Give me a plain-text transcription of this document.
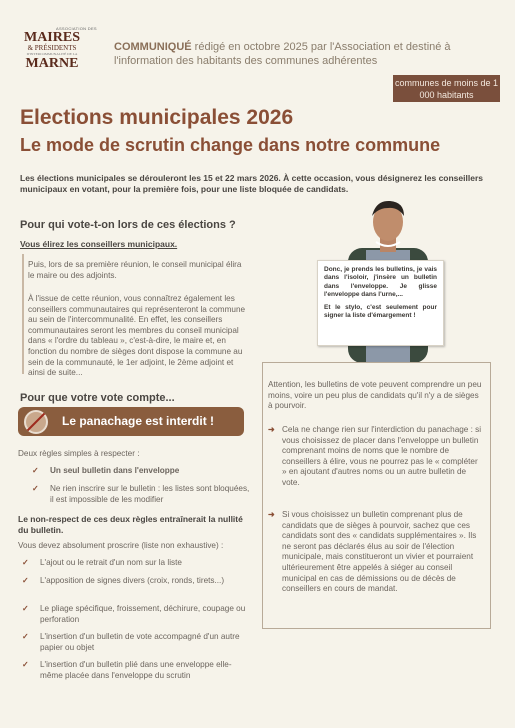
ASSOCIATION DES
MAIRES
& PRÉSIDENTS
D'INTERCOMMUNALITÉ DE LA
MARNE
COMMUNIQUÉ rédigé en octobre 2025 par l'Association et destiné à l'information des habitants des communes adhérentes
communes de moins de 1 000 habitants
Elections municipales 2026
Le mode de scrutin change dans notre commune
Les élections municipales se dérouleront les 15 et 22 mars 2026. À cette occasion, vous désignerez les conseillers municipaux en votant, pour la première fois, pour une liste bloquée de candidats.
Pour qui vote-t-on lors de ces élections ?
Vous élirez les conseillers municipaux.
Puis, lors de sa première réunion, le conseil municipal élira le maire ou des adjoints.
À l'issue de cette réunion, vous connaîtrez également les conseillers communautaires qui représenteront la commune au sein de l'intercommunalité. En effet, les conseillers communautaires seront les membres du conseil municipal dans « l'ordre du tableau », c'est-à-dire, le maire et, en fonction du nombre de sièges dont dispose la commune au sein de la communauté, le 1er adjoint, le 2ème adjoint et ainsi de suite...
Pour que votre vote compte...
Le panachage est interdit !
Deux règles simples à respecter :
✓ Un seul bulletin dans l'enveloppe
✓ Ne rien inscrire sur le bulletin : les listes sont bloquées, il est impossible de les modifier
Le non-respect de ces deux règles entraînerait la nullité du bulletin.
Vous devez absolument proscrire (liste non exhaustive) :
✓ L'ajout ou le retrait d'un nom sur la liste
✓ L'apposition de signes divers (croix, ronds, tirets...)
✓ Le pliage spécifique, froissement, déchirure, coupage ou perforation
✓ L'insertion d'un bulletin de vote accompagné d'un autre papier ou objet
✓ L'insertion d'un bulletin plié dans une enveloppe elle-même placée dans l'enveloppe du scrutin

Donc, je prends les bulletins, je vais dans l'isoloir, j'insère un bulletin dans l'enveloppe. Je glisse l'enveloppe dans l'urne,...

Et le stylo, c'est seulement pour signer la liste d'émargement !

Attention, les bulletins de vote peuvent comprendre un peu moins, voire un peu plus de candidats qu'il n'y a de sièges à pourvoir.
➜ Cela ne change rien sur l'interdiction du panachage : si vous choisissez de placer dans l'enveloppe un bulletin comprenant moins de noms que le nombre de conseillers à élire, vous ne pourrez pas le « compléter » en ajoutant d'autres noms ou un autre bulletin de vote.
➜ Si vous choisissez un bulletin comprenant plus de candidats que de sièges à pourvoir, sachez que ces candidats sont des « candidats supplémentaires ». Ils ne seront pas déclarés élus au soir de l'élection municipale, mais constitueront un vivier et pourraient ultérieurement être appelés à siéger au conseil municipal en cas de démissions ou de décès de conseillers en cours de mandat.
